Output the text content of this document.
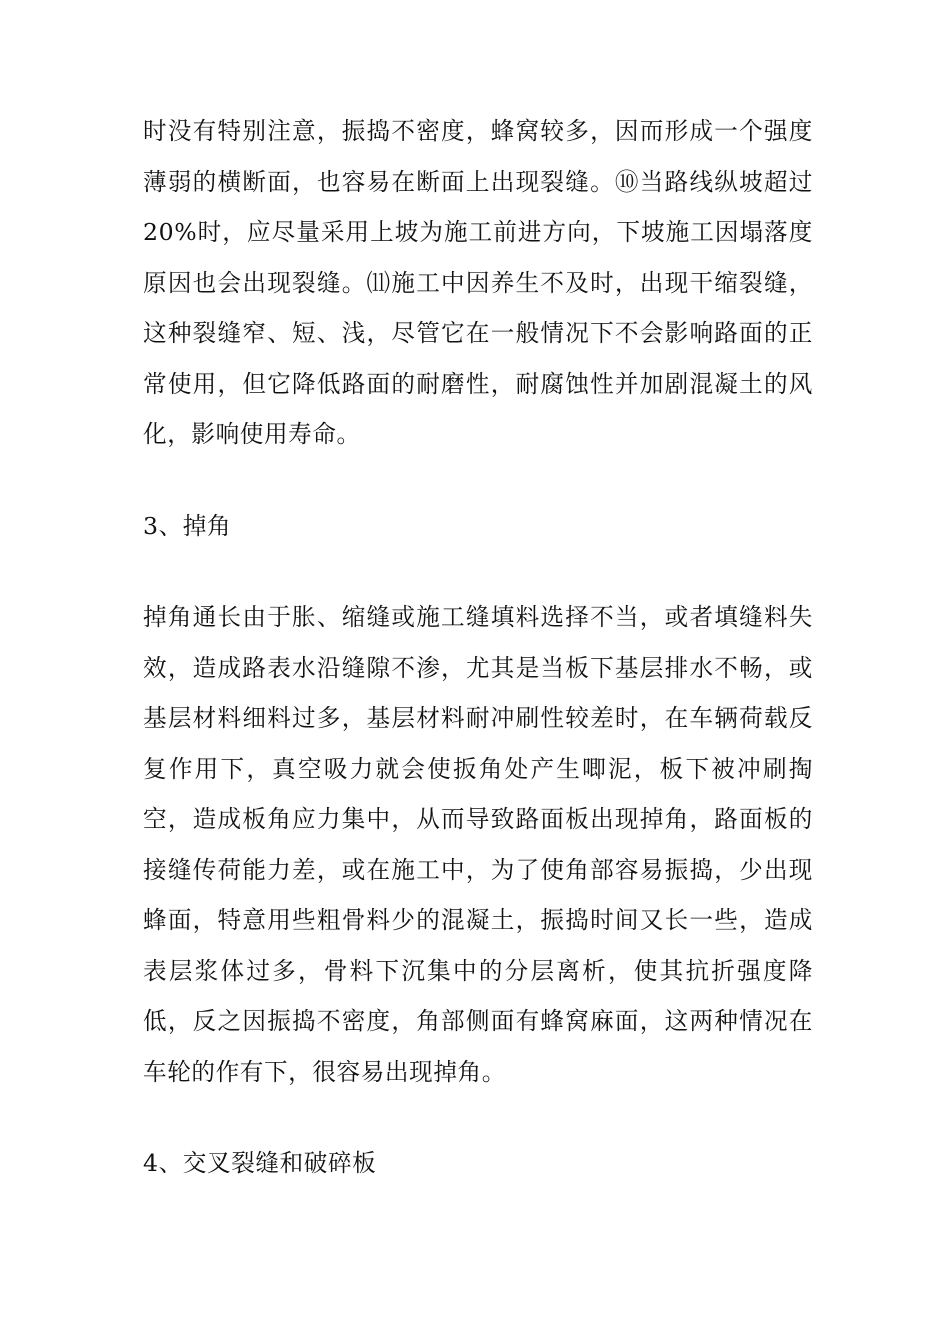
时没有特别注意，振捣不密度，蜂窝较多，因而形成一个强度薄弱的横断面，也容易在断面上出现裂缝。⑩当路线纵坡超过 20%时，应尽量采用上坡为施工前进方向，下坡施工因塌落度原因也会出现裂缝。⑾施工中因养生不及时，出现干缩裂缝，这种裂缝窄、短、浅，尽管它在一般情况下不会影响路面的正常使用，但它降低路面的耐磨性，耐腐蚀性并加剧混凝土的风化，影响使用寿命。

3、掉角

掉角通长由于胀、缩缝或施工缝填料选择不当，或者填缝料失效，造成路表水沿缝隙不渗，尤其是当板下基层排水不畅，或基层材料细料过多，基层材料耐冲刷性较差时，在车辆荷载反复作用下，真空吸力就会使扳角处产生唧泥，板下被冲刷掏空，造成板角应力集中，从而导致路面板出现掉角，路面板的接缝传荷能力差，或在施工中，为了使角部容易振捣，少出现蜂面，特意用些粗骨料少的混凝土，振捣时间又长一些，造成表层浆体过多，骨料下沉集中的分层离析，使其抗折强度降低，反之因振捣不密度，角部侧面有蜂窝麻面，这两种情况在车轮的作有下，很容易出现掉角。

4、交叉裂缝和破碎板
